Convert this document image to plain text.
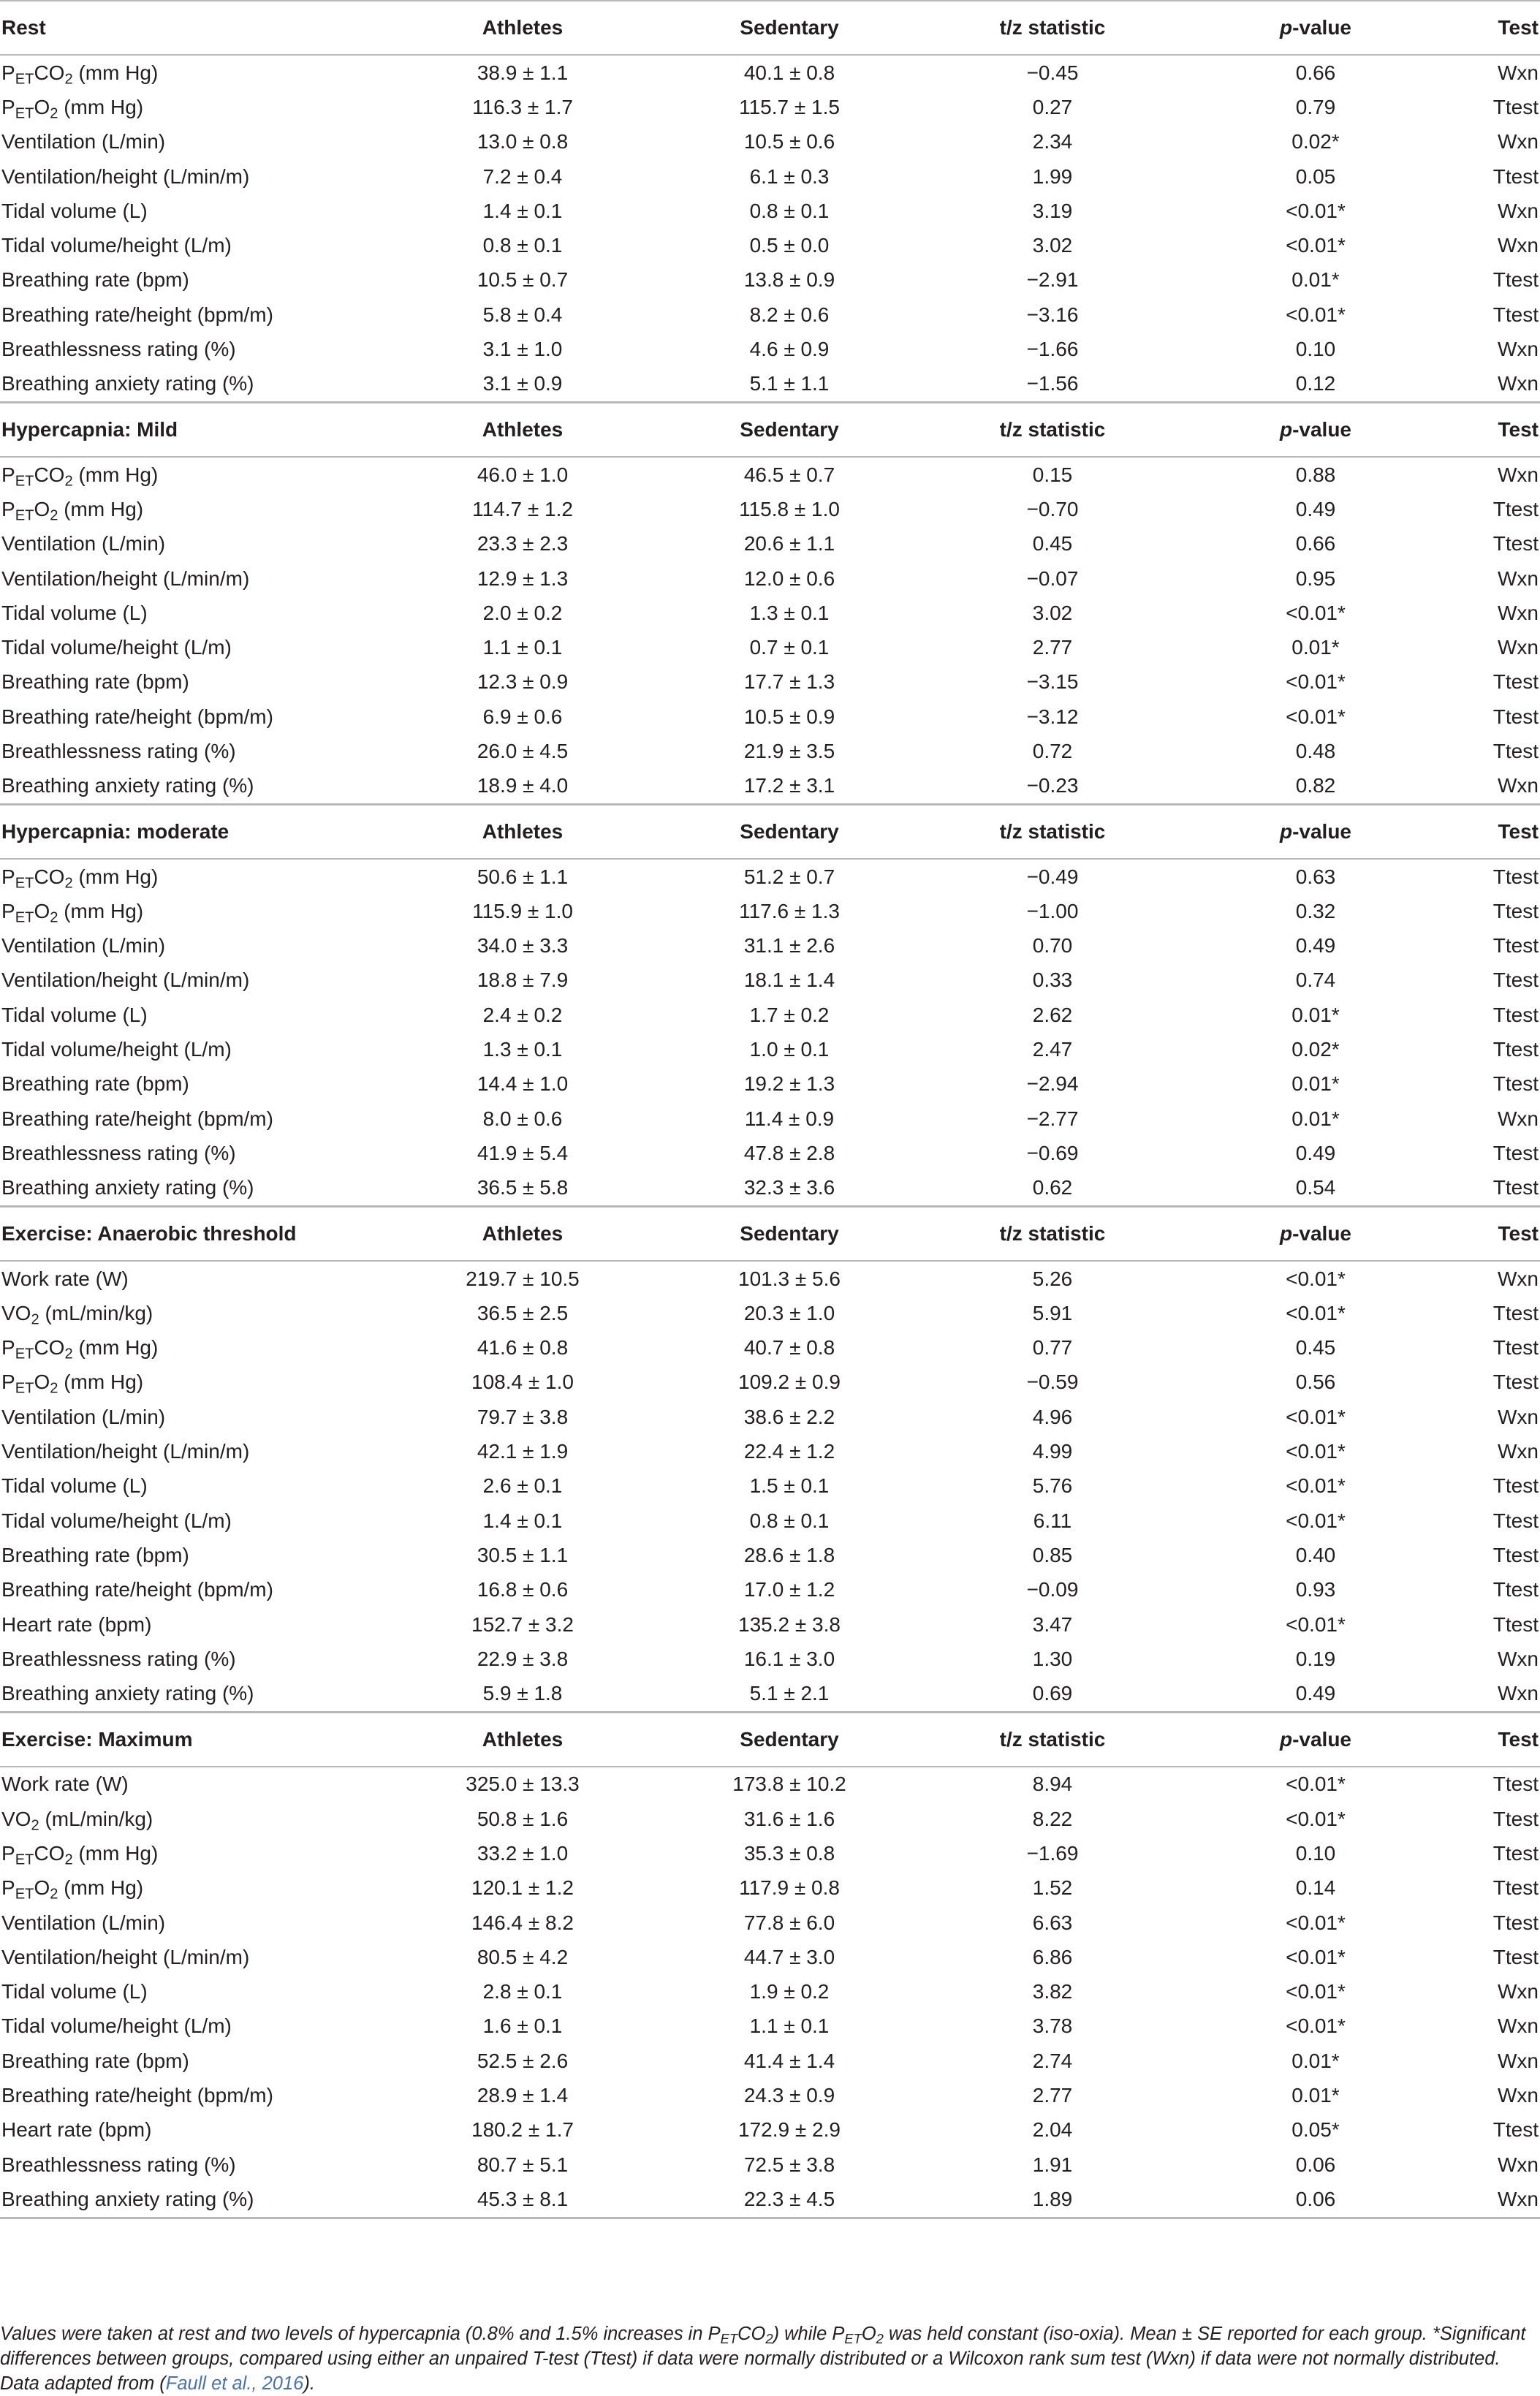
Rest	Athletes	Sedentary	t/z statistic	p-value	Test
$P_{ET}CO_2$ (mm Hg)	38.9 ± 1.1	40.1 ± 0.8	−0.45	0.66	Wxn
$P_{ET}O_2$ (mm Hg)	116.3 ± 1.7	115.7 ± 1.5	0.27	0.79	Ttest
Ventilation (L/min)	13.0 ± 0.8	10.5 ± 0.6	2.34	0.02*	Wxn
Ventilation/height (L/min/m)	7.2 ± 0.4	6.1 ± 0.3	1.99	0.05	Ttest
Tidal volume (L)	1.4 ± 0.1	0.8 ± 0.1	3.19	<0.01*	Wxn
Tidal volume/height (L/m)	0.8 ± 0.1	0.5 ± 0.0	3.02	<0.01*	Wxn
Breathing rate (bpm)	10.5 ± 0.7	13.8 ± 0.9	−2.91	0.01*	Ttest
Breathing rate/height (bpm/m)	5.8 ± 0.4	8.2 ± 0.6	−3.16	<0.01*	Ttest
Breathlessness rating (%)	3.1 ± 1.0	4.6 ± 0.9	−1.66	0.10	Wxn
Breathing anxiety rating (%)	3.1 ± 0.9	5.1 ± 1.1	−1.56	0.12	Wxn
Hypercapnia: Mild	Athletes	Sedentary	t/z statistic	p-value	Test
$P_{ET}CO_2$ (mm Hg)	46.0 ± 1.0	46.5 ± 0.7	0.15	0.88	Wxn
$P_{ET}O_2$ (mm Hg)	114.7 ± 1.2	115.8 ± 1.0	−0.70	0.49	Ttest
Ventilation (L/min)	23.3 ± 2.3	20.6 ± 1.1	0.45	0.66	Ttest
Ventilation/height (L/min/m)	12.9 ± 1.3	12.0 ± 0.6	−0.07	0.95	Wxn
Tidal volume (L)	2.0 ± 0.2	1.3 ± 0.1	3.02	<0.01*	Wxn
Tidal volume/height (L/m)	1.1 ± 0.1	0.7 ± 0.1	2.77	0.01*	Wxn
Breathing rate (bpm)	12.3 ± 0.9	17.7 ± 1.3	−3.15	<0.01*	Ttest
Breathing rate/height (bpm/m)	6.9 ± 0.6	10.5 ± 0.9	−3.12	<0.01*	Ttest
Breathlessness rating (%)	26.0 ± 4.5	21.9 ± 3.5	0.72	0.48	Ttest
Breathing anxiety rating (%)	18.9 ± 4.0	17.2 ± 3.1	−0.23	0.82	Wxn
Hypercapnia: moderate	Athletes	Sedentary	t/z statistic	p-value	Test
$P_{ET}CO_2$ (mm Hg)	50.6 ± 1.1	51.2 ± 0.7	−0.49	0.63	Ttest
$P_{ET}O_2$ (mm Hg)	115.9 ± 1.0	117.6 ± 1.3	−1.00	0.32	Ttest
Ventilation (L/min)	34.0 ± 3.3	31.1 ± 2.6	0.70	0.49	Ttest
Ventilation/height (L/min/m)	18.8 ± 7.9	18.1 ± 1.4	0.33	0.74	Ttest
Tidal volume (L)	2.4 ± 0.2	1.7 ± 0.2	2.62	0.01*	Ttest
Tidal volume/height (L/m)	1.3 ± 0.1	1.0 ± 0.1	2.47	0.02*	Ttest
Breathing rate (bpm)	14.4 ± 1.0	19.2 ± 1.3	−2.94	0.01*	Ttest
Breathing rate/height (bpm/m)	8.0 ± 0.6	11.4 ± 0.9	−2.77	0.01*	Wxn
Breathlessness rating (%)	41.9 ± 5.4	47.8 ± 2.8	−0.69	0.49	Ttest
Breathing anxiety rating (%)	36.5 ± 5.8	32.3 ± 3.6	0.62	0.54	Ttest
Exercise: Anaerobic threshold	Athletes	Sedentary	t/z statistic	p-value	Test
Work rate (W)	219.7 ± 10.5	101.3 ± 5.6	5.26	<0.01*	Wxn
$VO_2$ (mL/min/kg)	36.5 ± 2.5	20.3 ± 1.0	5.91	<0.01*	Ttest
$P_{ET}CO_2$ (mm Hg)	41.6 ± 0.8	40.7 ± 0.8	0.77	0.45	Ttest
$P_{ET}O_2$ (mm Hg)	108.4 ± 1.0	109.2 ± 0.9	−0.59	0.56	Ttest
Ventilation (L/min)	79.7 ± 3.8	38.6 ± 2.2	4.96	<0.01*	Wxn
Ventilation/height (L/min/m)	42.1 ± 1.9	22.4 ± 1.2	4.99	<0.01*	Wxn
Tidal volume (L)	2.6 ± 0.1	1.5 ± 0.1	5.76	<0.01*	Ttest
Tidal volume/height (L/m)	1.4 ± 0.1	0.8 ± 0.1	6.11	<0.01*	Ttest
Breathing rate (bpm)	30.5 ± 1.1	28.6 ± 1.8	0.85	0.40	Ttest
Breathing rate/height (bpm/m)	16.8 ± 0.6	17.0 ± 1.2	−0.09	0.93	Ttest
Heart rate (bpm)	152.7 ± 3.2	135.2 ± 3.8	3.47	<0.01*	Ttest
Breathlessness rating (%)	22.9 ± 3.8	16.1 ± 3.0	1.30	0.19	Wxn
Breathing anxiety rating (%)	5.9 ± 1.8	5.1 ± 2.1	0.69	0.49	Wxn
Exercise: Maximum	Athletes	Sedentary	t/z statistic	p-value	Test
Work rate (W)	325.0 ± 13.3	173.8 ± 10.2	8.94	<0.01*	Ttest
$VO_2$ (mL/min/kg)	50.8 ± 1.6	31.6 ± 1.6	8.22	<0.01*	Ttest
$P_{ET}CO_2$ (mm Hg)	33.2 ± 1.0	35.3 ± 0.8	−1.69	0.10	Ttest
$P_{ET}O_2$ (mm Hg)	120.1 ± 1.2	117.9 ± 0.8	1.52	0.14	Ttest
Ventilation (L/min)	146.4 ± 8.2	77.8 ± 6.0	6.63	<0.01*	Ttest
Ventilation/height (L/min/m)	80.5 ± 4.2	44.7 ± 3.0	6.86	<0.01*	Ttest
Tidal volume (L)	2.8 ± 0.1	1.9 ± 0.2	3.82	<0.01*	Wxn
Tidal volume/height (L/m)	1.6 ± 0.1	1.1 ± 0.1	3.78	<0.01*	Wxn
Breathing rate (bpm)	52.5 ± 2.6	41.4 ± 1.4	2.74	0.01*	Wxn
Breathing rate/height (bpm/m)	28.9 ± 1.4	24.3 ± 0.9	2.77	0.01*	Wxn
Heart rate (bpm)	180.2 ± 1.7	172.9 ± 2.9	2.04	0.05*	Ttest
Breathlessness rating (%)	80.7 ± 5.1	72.5 ± 3.8	1.91	0.06	Wxn
Breathing anxiety rating (%)	45.3 ± 8.1	22.3 ± 4.5	1.89	0.06	Wxn
Values were taken at rest and two levels of hypercapnia (0.8% and 1.5% increases in $P_{ET}CO_2$) while $P_{ET}O_2$ was held constant (iso-oxia). Mean ± SE reported for each group. *Significant differences between groups, compared using either an unpaired T-test (Ttest) if data were normally distributed or a Wilcoxon rank sum test (Wxn) if data were not normally distributed. Data adapted from (Faull et al., 2016).
